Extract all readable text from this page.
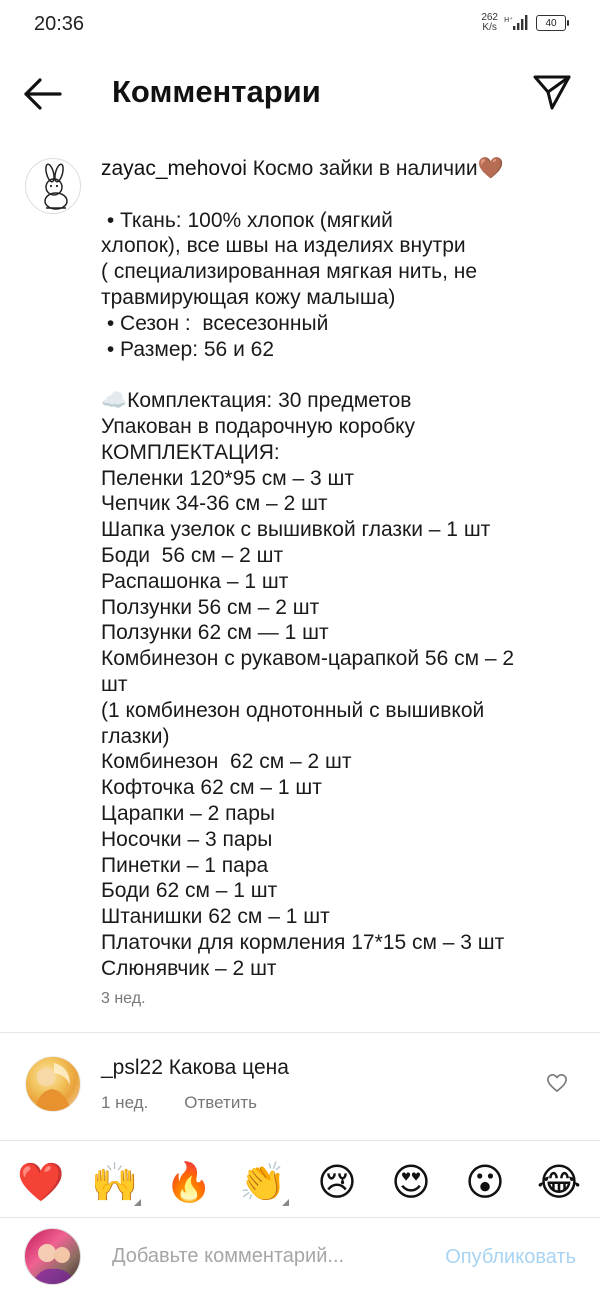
20:36	262
K/s
H⁺	40
Комментарии
zayac_mehovoi Космо зайки в наличии🤎
• Ткань: 100% хлопок (мягкий
хлопок), все швы на изделиях внутри
( специализированная мягкая нить, не
травмирующая кожу малыша)
• Сезон :  всесезонный
• Размер: 56 и 62
☁️Комплектация: 30 предметов
Упакован в подарочную коробку
КОМПЛЕКТАЦИЯ:
Пеленки 120*95 см – 3 шт
Чепчик 34-36 см – 2 шт
Шапка узелок с вышивкой глазки – 1 шт
Боди  56 см – 2 шт
Распашонка – 1 шт
Ползунки 56 см – 2 шт
Ползунки 62 см — 1 шт
Комбинезон с рукавом-царапкой 56 см – 2
шт
(1 комбинезон однотонный с вышивкой
глазки)
Комбинезон  62 см – 2 шт
Кофточка 62 см – 1 шт
Царапки – 2 пары
Носочки – 3 пары
Пинетки – 1 пара
Боди 62 см – 1 шт
Штанишки 62 см – 1 шт
Платочки для кормления 17*15 см – 3 шт
Слюнявчик – 2 шт
3 нед.
_psl22 Какова цена
1 нед. Ответить
❤️ 🙌 🔥 👏 😢 😍 😮 😂
Добавьте комментарий...
Опубликовать
